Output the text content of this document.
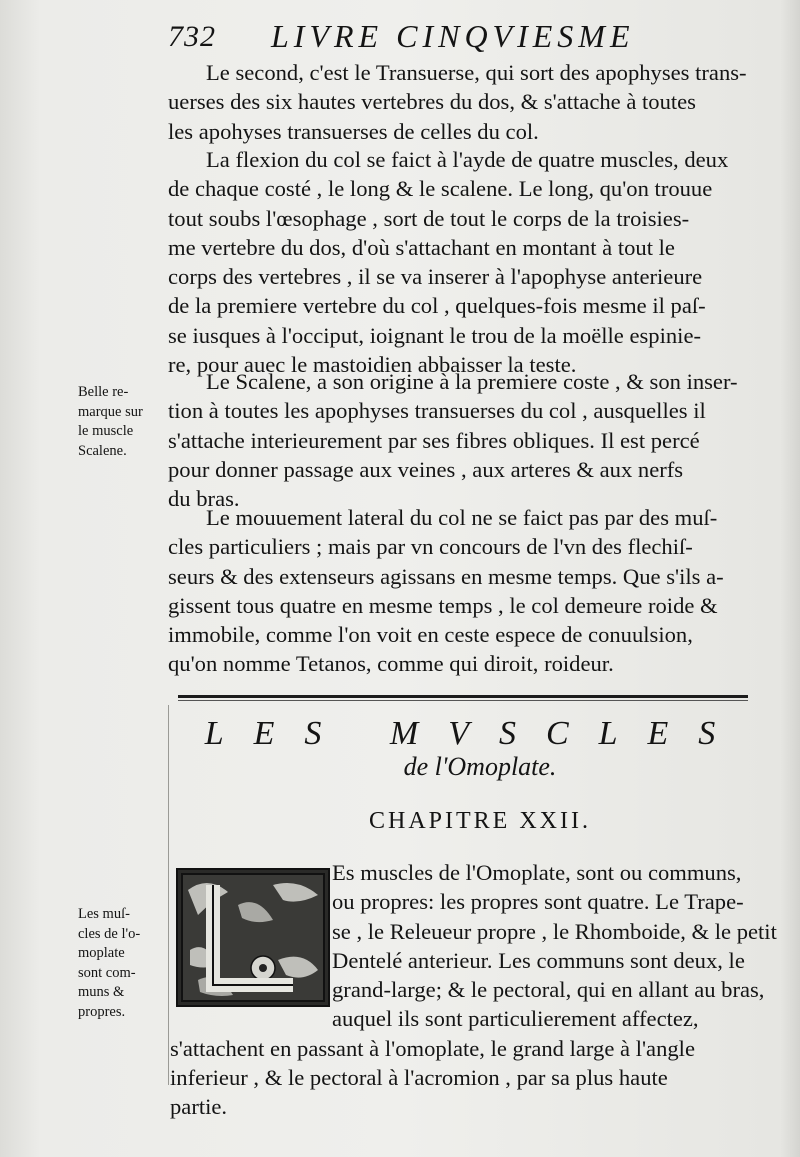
732 LIVRE CINQVIESME
Le second, c'est le Transuerse, qui sort des apophyses trans-
uerses des six hautes vertebres du dos, & s'attache à toutes
les apohyses transuerses de celles du col.
La flexion du col se faict à l'ayde de quatre muscles, deux
de chaque costé , le long & le scalene. Le long, qu'on trouue
tout soubs l'œsophage , sort de tout le corps de la troisies-
me vertebre du dos, d'où s'attachant en montant à tout le
corps des vertebres , il se va inserer à l'apophyse anterieure
de la premiere vertebre du col , quelques-fois mesme il paſ-
se iusques à l'occiput, ioignant le trou de la moëlle espinie-
re, pour auec le mastoidien abbaisser la teste.
Belle re-
marque sur
le muscle
Scalene.
Le Scalene, a son origine à la premiere coste , & son inser-
tion à toutes les apophyses transuerses du col , ausquelles il
s'attache interieurement par ses fibres obliques. Il est percé
pour donner passage aux veines , aux arteres & aux nerfs
du bras.
Le mouuement lateral du col ne se faict pas par des muſ-
cles particuliers ; mais par vn concours de l'vn des flechiſ-
seurs & des extenseurs agissans en mesme temps. Que s'ils a-
gissent tous quatre en mesme temps , le col demeure roide &
immobile, comme l'on voit en ceste espece de conuulsion,
qu'on nomme Tetanos, comme qui diroit, roideur.
LES MVSCLES
de l'Omoplate.
CHAPITRE XXII.
Les muſ-
cles de l'o-
moplate
sont com-
muns &
propres.
Es muscles de l'Omoplate, sont ou communs,
ou propres: les propres sont quatre. Le Trape-
se , le Releueur propre , le Rhomboide, & le petit
Dentelé anterieur. Les communs sont deux, le
grand-large; & le pectoral, qui en allant au bras,
auquel ils sont particulierement affectez,
s'attachent en passant à l'omoplate, le grand large à l'angle
inferieur , & le pectoral à l'acromion , par sa plus haute
partie.
